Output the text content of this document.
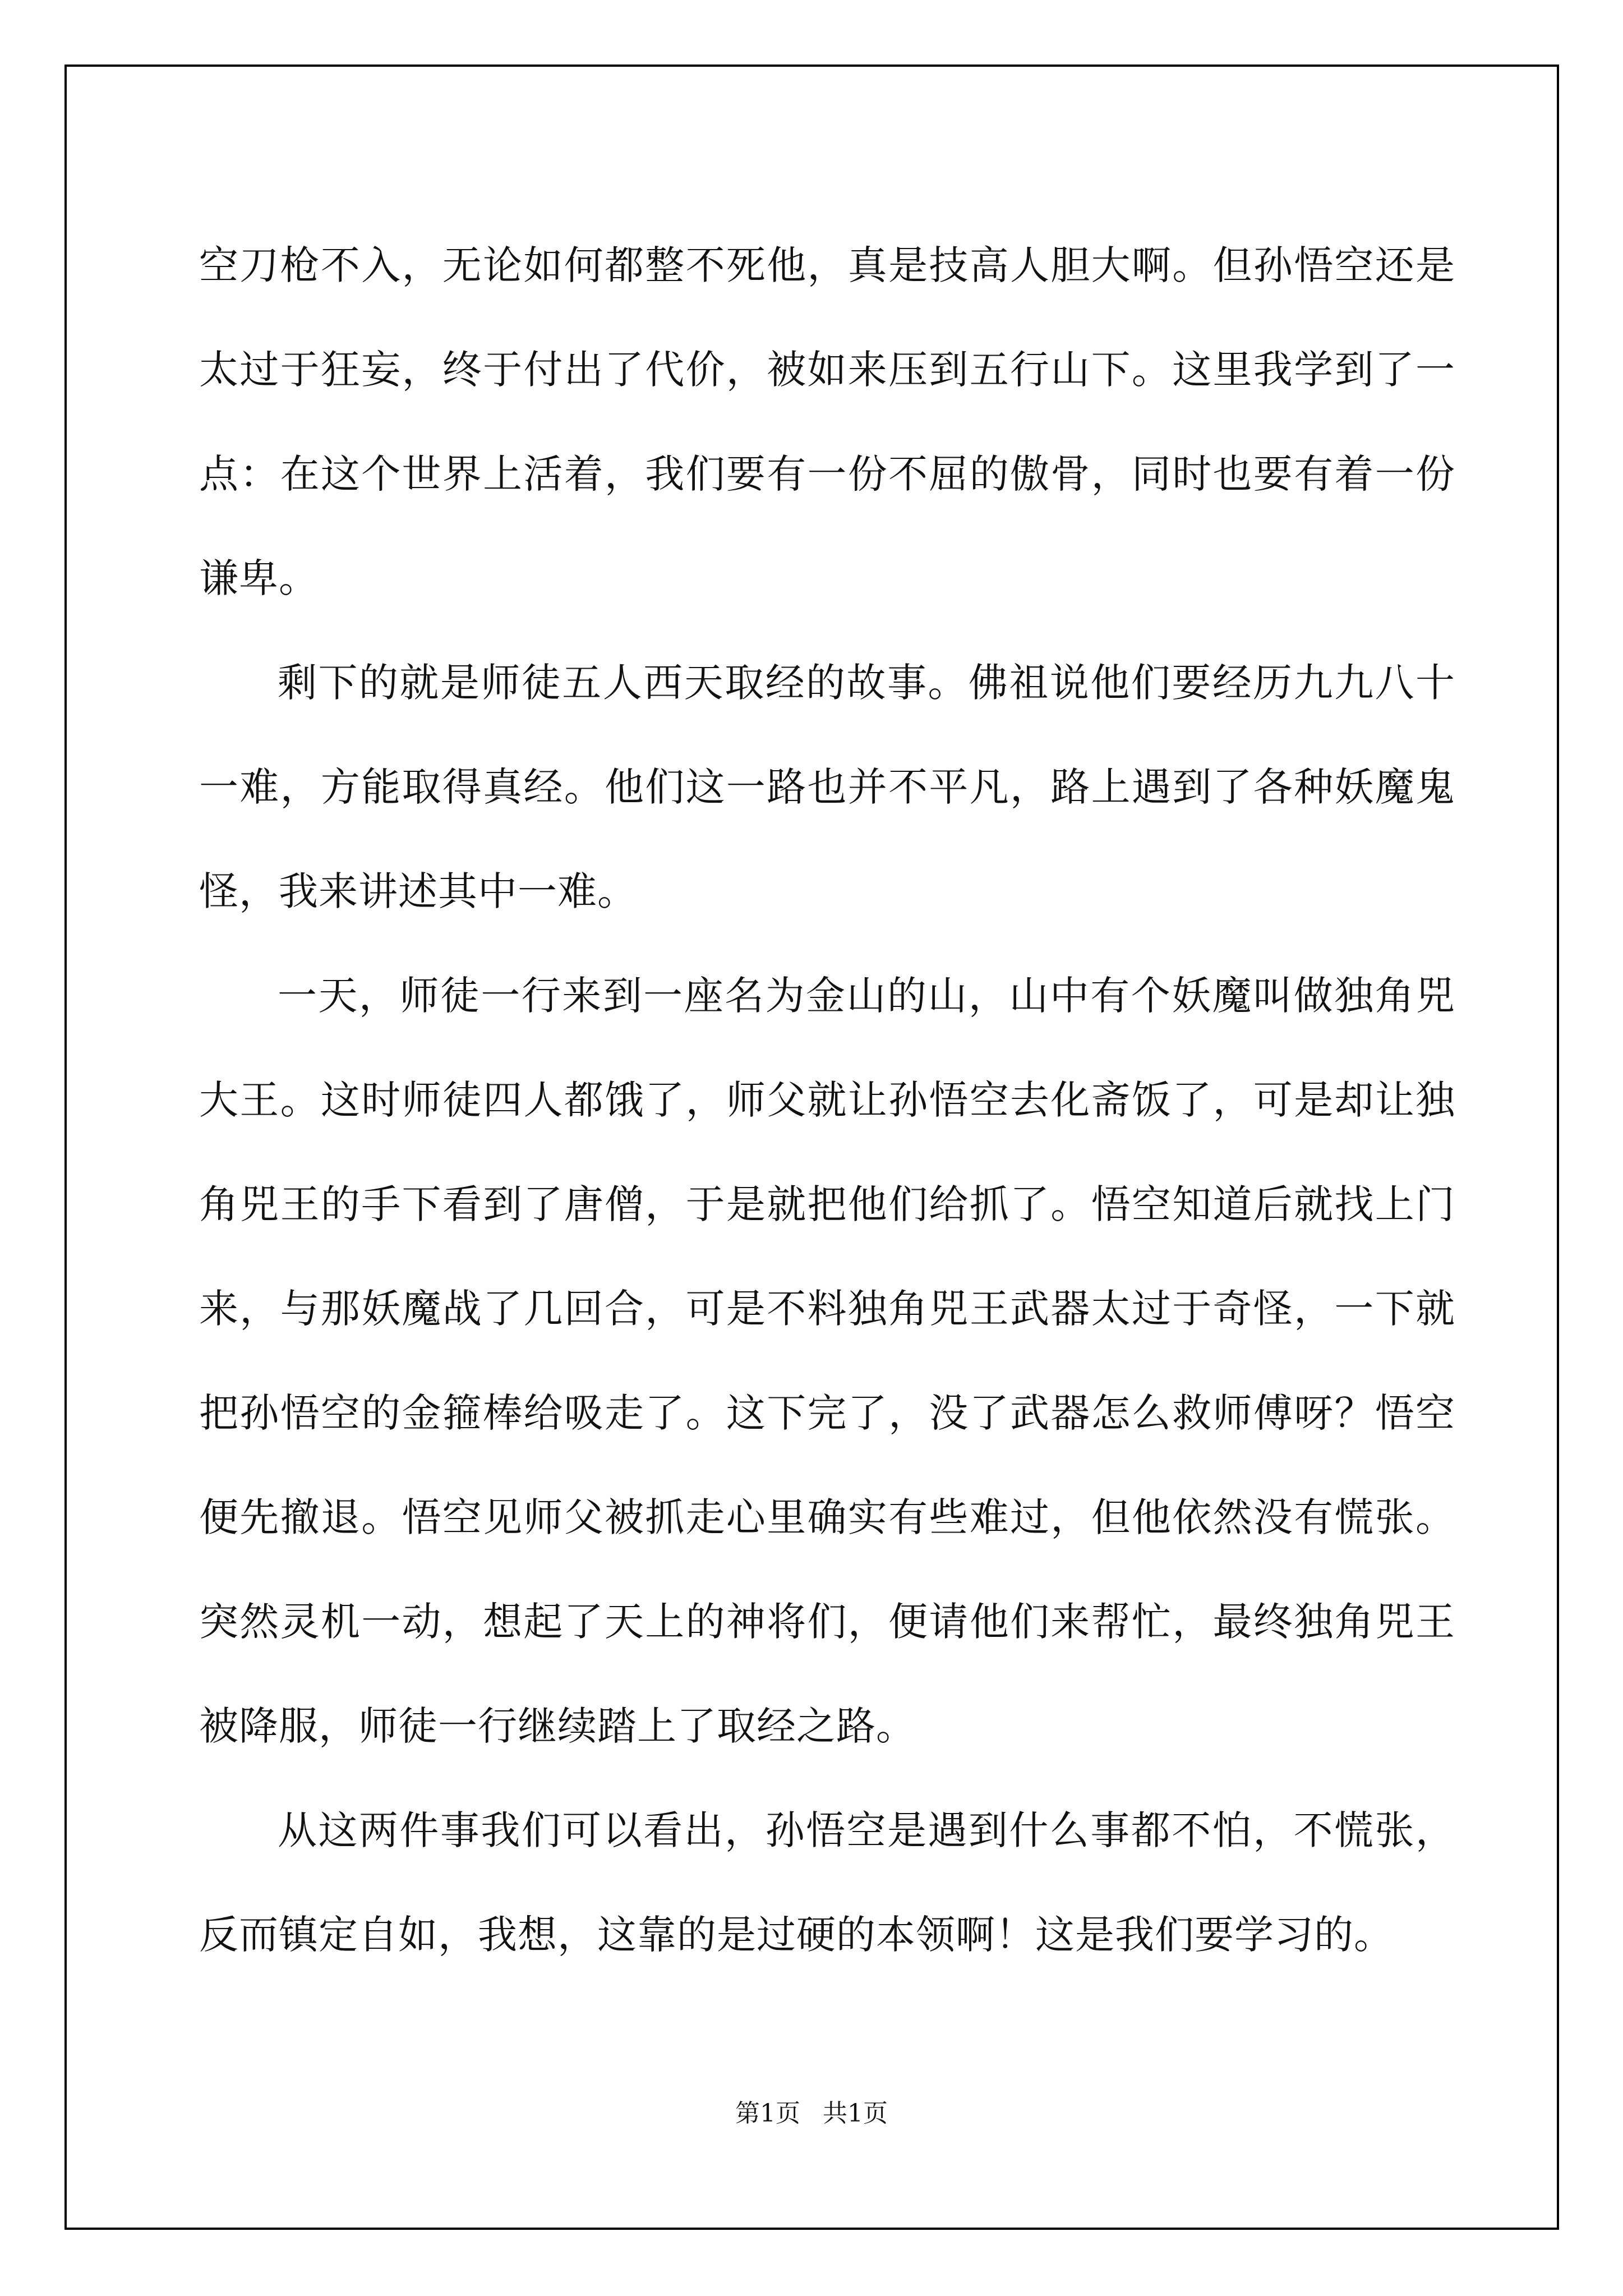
空刀枪不入，无论如何都整不死他，真是技高人胆大啊。但孙悟空还是太过于狂妄，终于付出了代价，被如来压到五行山下。这里我学到了一点：在这个世界上活着，我们要有一份不屈的傲骨，同时也要有着一份谦卑。

剩下的就是师徒五人西天取经的故事。佛祖说他们要经历九九八十一难，方能取得真经。他们这一路也并不平凡，路上遇到了各种妖魔鬼怪，我来讲述其中一难。

一天，师徒一行来到一座名为金山的山，山中有个妖魔叫做独角兕大王。这时师徒四人都饿了，师父就让孙悟空去化斋饭了，可是却让独角兕王的手下看到了唐僧，于是就把他们给抓了。悟空知道后就找上门来，与那妖魔战了几回合，可是不料独角兕王武器太过于奇怪，一下就把孙悟空的金箍棒给吸走了。这下完了，没了武器怎么救师傅呀？悟空便先撤退。悟空见师父被抓走心里确实有些难过，但他依然没有慌张。突然灵机一动，想起了天上的神将们，便请他们来帮忙，最终独角兕王被降服，师徒一行继续踏上了取经之路。

从这两件事我们可以看出，孙悟空是遇到什么事都不怕，不慌张，反而镇定自如，我想，这靠的是过硬的本领啊！这是我们要学习的。

第1页 共1页
